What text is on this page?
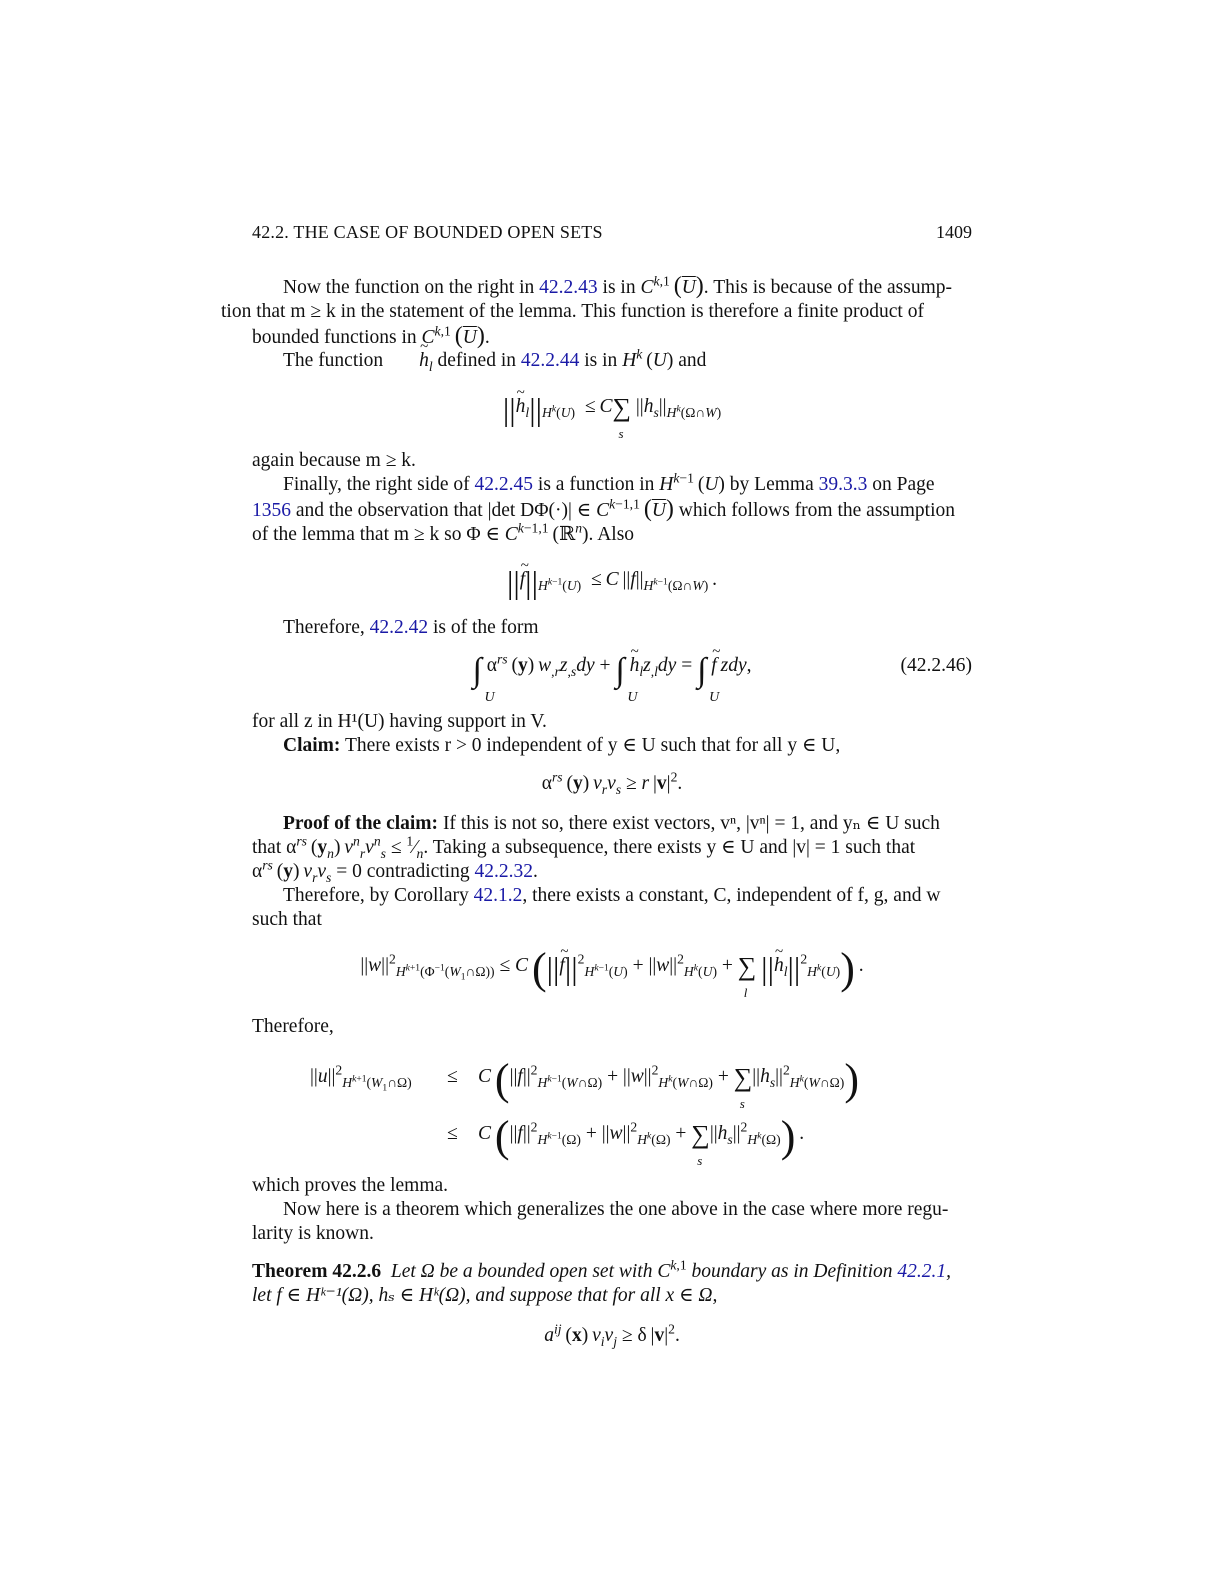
42.2. THE CASE OF BOUNDED OPEN SETS	1409
Now the function on the right in 42.2.43 is in C$^{k,1}$  $(\overline{U})$. This is because of the assump-
tion that m ≥ k in the statement of the lemma. This function is therefore a finite product of
bounded functions in C$^{k,1}$  $(\overline{U})$.
The function ~ $h_l$ defined in 42.2.44 is in $H^k$ (U) and
||~ $h_l||_{H^k(U)} \le C\sum$
s
$||h_s||_{H^k(\Omega\cap W)}$
again because m ≥ k.
Finally, the right side of 42.2.45 is a function in $H^{k-1}$ (U) by Lemma 39.3.3 on Page
1356 and the observation that |det DΦ(·)| ∈ $C^{k-1,1}$  $(\overline{U})$ which follows from the assumption
of the lemma that m ≥ k so Φ ∈ $C^{k-1,1}$ (ℝ$^n$). Also
||~ $f||_{H^{k-1}(U)} \le C$ $||f||_{H^{k-1}(\Omega\cap W)}$ .
Therefore, 42.2.42 is of the form
∫
U
$\alpha^{rs}$ (y) $w_{,r}z_{,s}dy$ + ∫
U
~ $h_lz_{,l}dy$ = ∫
U
~ f  zdy,	(42.2.46)
for all z in H¹(U) having support in V.
Claim: There exists r > 0 independent of y ∈ U such that for all y ∈ U,
$\alpha^{rs}$ (y) $v_rv_s \ge r$ $|v|^2$.
Proof of the claim: If this is not so, there exist vectors, vⁿ, |vⁿ| = 1, and yₙ ∈ U such
that $\alpha^{rs}$ $(y_n) v^n_rv^n_s$ ≤ $^1⁄_n$. Taking a subsequence, there exists y ∈ U and |v| = 1 such that
$\alpha^{rs}$ (y) $v_rv_s = 0$ contradicting 42.2.32.
Therefore, by Corollary 42.1.2, there exists a constant, C, independent of f, g, and w
such that
$||w||^2_{H^{k+1}(\Phi^{-1}(W_1\cap\Omega))} \le C$ (||~ $f||^2_{H^{k-1}(U)} + ||w||^2_{H^k(U)}$ + ∑
l
||~ $h_l||^2_{H^k(U)}$) .
Therefore,
$||u||^2_{H^{k+1}(W_1\cap\Omega)} \le C$ ($||f||^2_{H^{k-1}(W\cap\Omega)} + ||w||^2_{H^k(W\cap\Omega)}$ + ∑
s
$||h_s||^2_{H^k(W\cap\Omega)}$)
≤ C ($||f||^2_{H^{k-1}(\Omega)} + ||w||^2_{H^k(\Omega)}$ + ∑
s
$||h_s||^2_{H^k(\Omega)}$) .
which proves the lemma.
Now here is a theorem which generalizes the one above in the case where more regu-
larity is known.
Theorem 42.2.6 Let Ω be a bounded open set with C$^{k,1}$ boundary as in Definition 42.2.1,
let f ∈ Hᵏ⁻¹(Ω), hₛ ∈ Hᵏ(Ω), and suppose that for all x ∈ Ω,
$a^{ij}$ (x) $v_iv_j \ge \delta$ $|v|^2$.
